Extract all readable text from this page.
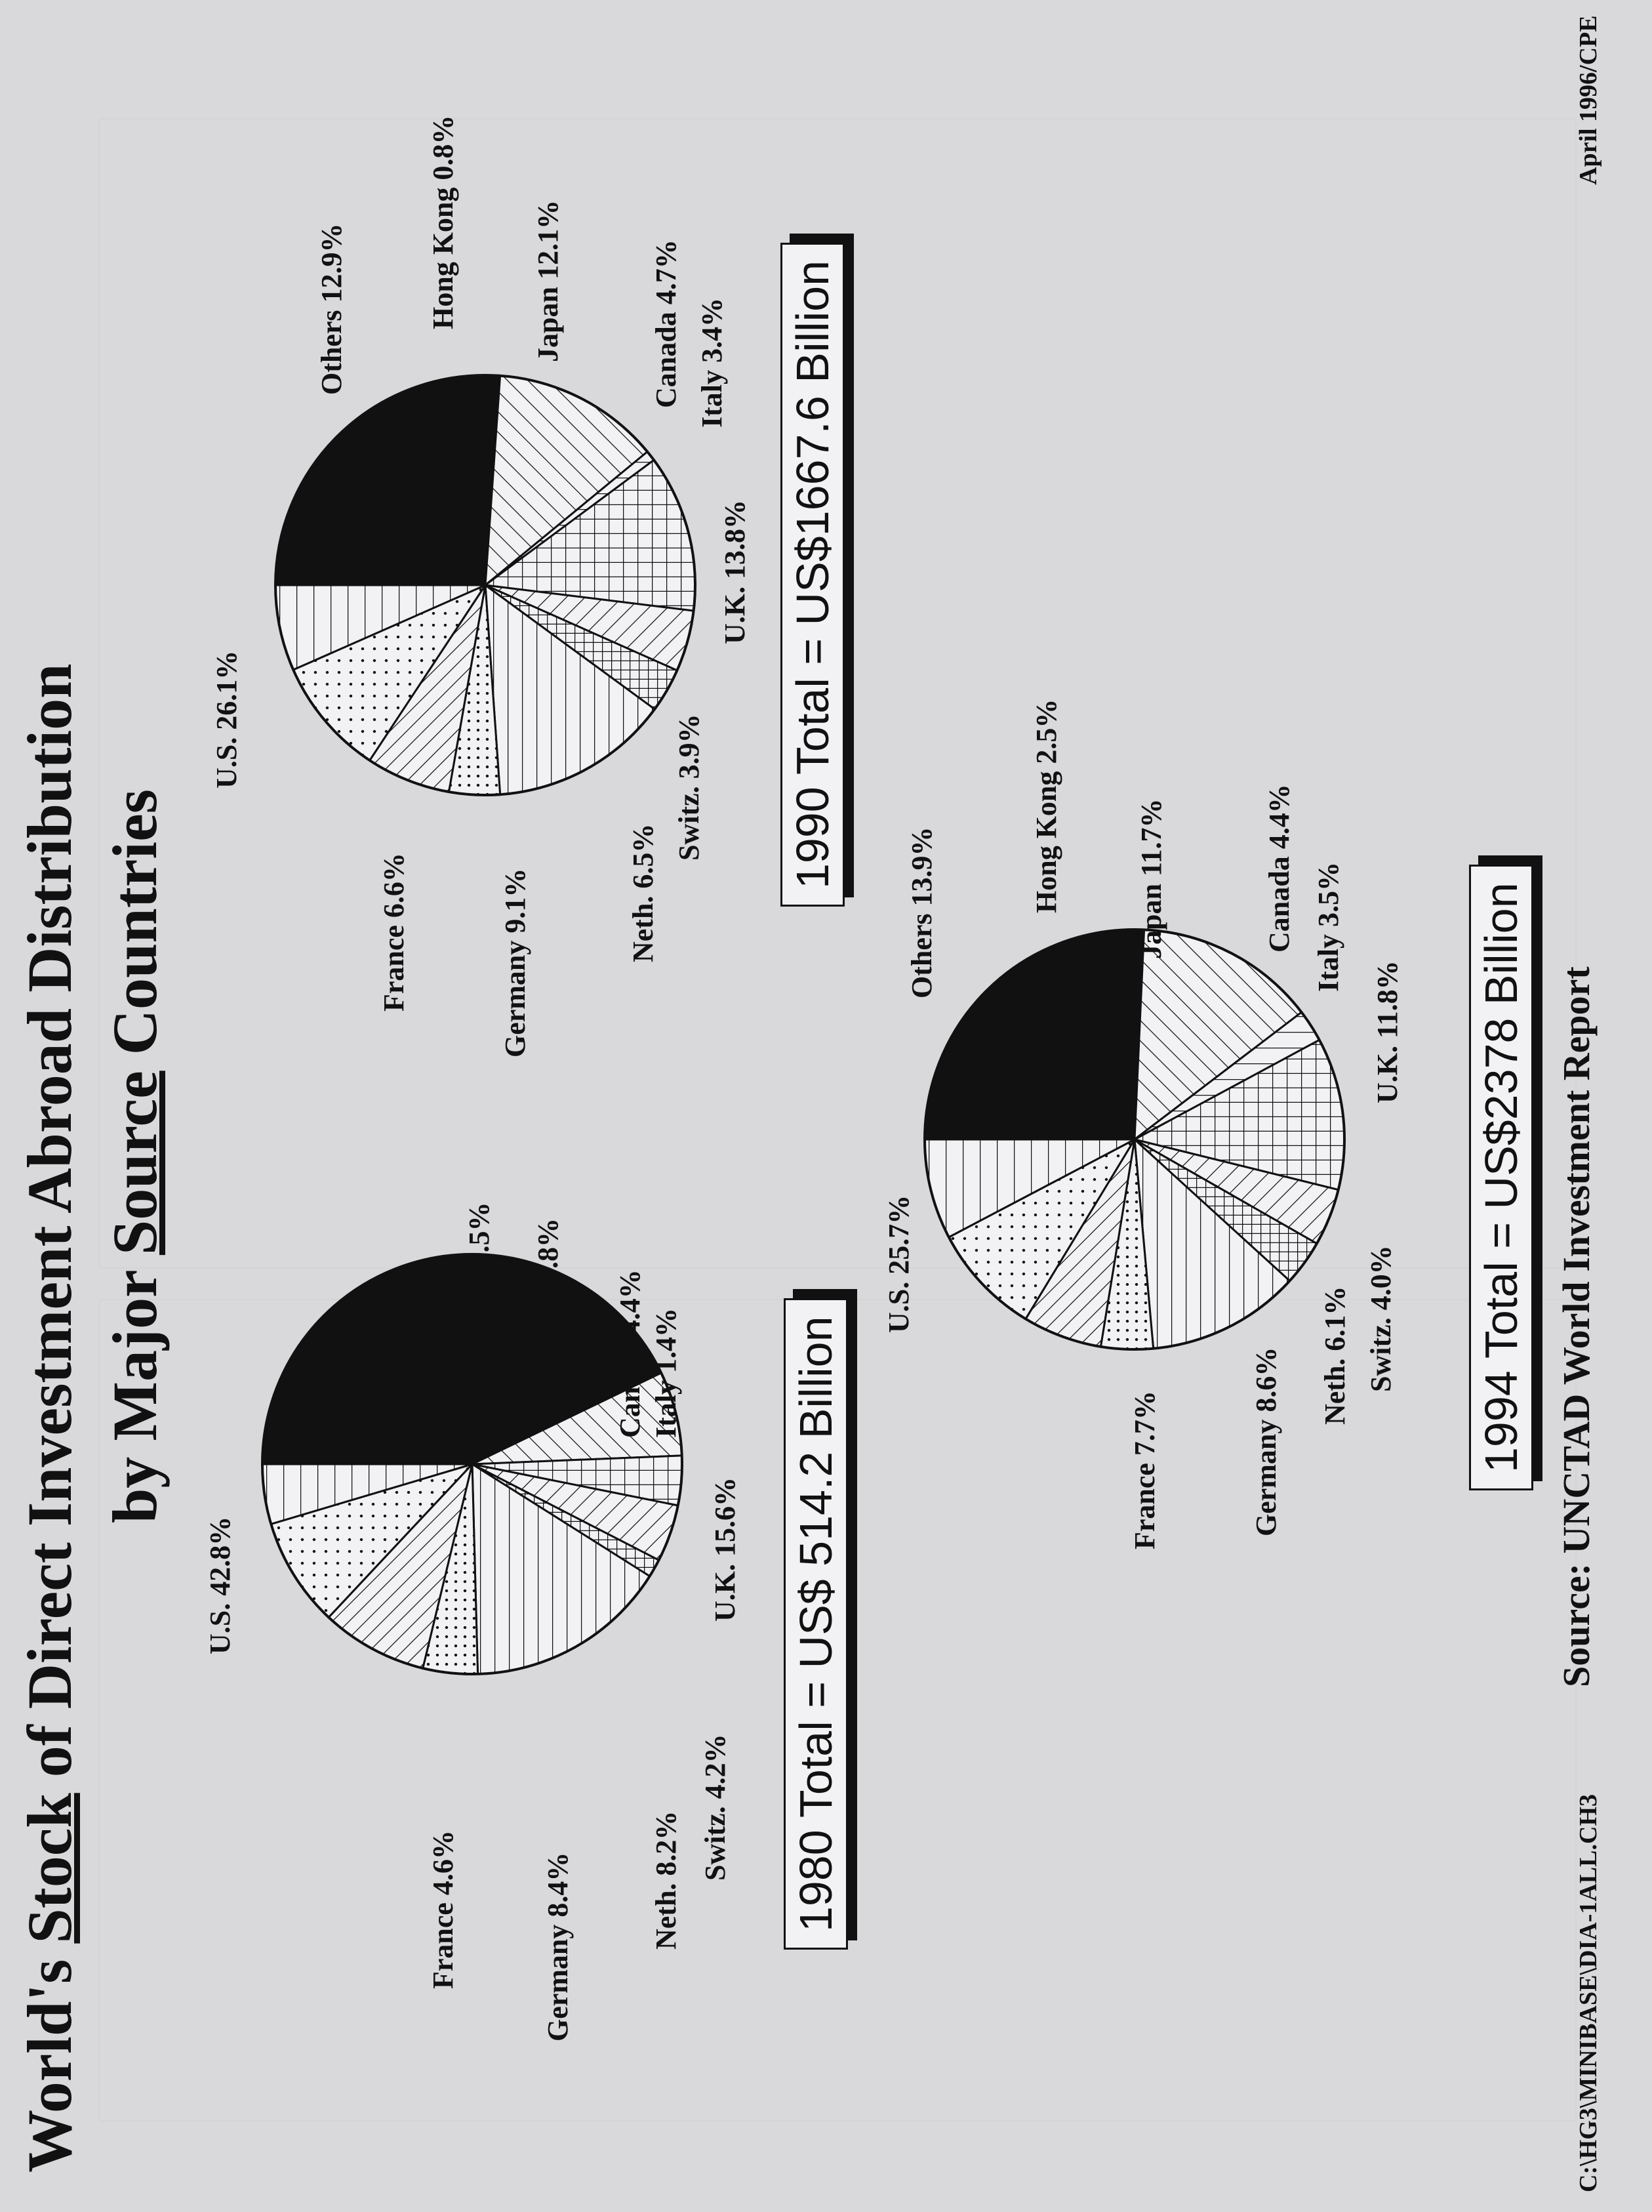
World's Stock of Direct Investment Abroad Distribution by Major Source Countries
U.S. 42.8%
Others 6.5% Japan 3.8% Canada 4.4% Italy 1.4%
U.K. 15.6%
Switz. 4.2%
Neth. 8.2%
Germany 8.4%
France 4.6%	1980 Total = US$ 514.2 Billion
U.S. 26.1%
Others 12.9%	Hong Kong 0.8%	Japan 12.1%	Canada 4.7% Italy 3.4%
U.K. 13.8%
Switz. 3.9%
Neth. 6.5%
Germany 9.1%
France 6.6%
1990 Total = US$1667.6 Billion
U.S. 25.7%
Others 13.9%	Hong Kong 2.5%	Japan 11.7%	Canada 4.4% Italy 3.5%
U.K. 11.8%
Switz. 4.0%
Neth. 6.1%
Germany 8.6%
France 7.7%	1994 Total = US$2378 Billion Source: UNCTAD World Investment Report
C:\HG3\MINIBASE\DIA-1ALL.CH3
April 1996/CPE
